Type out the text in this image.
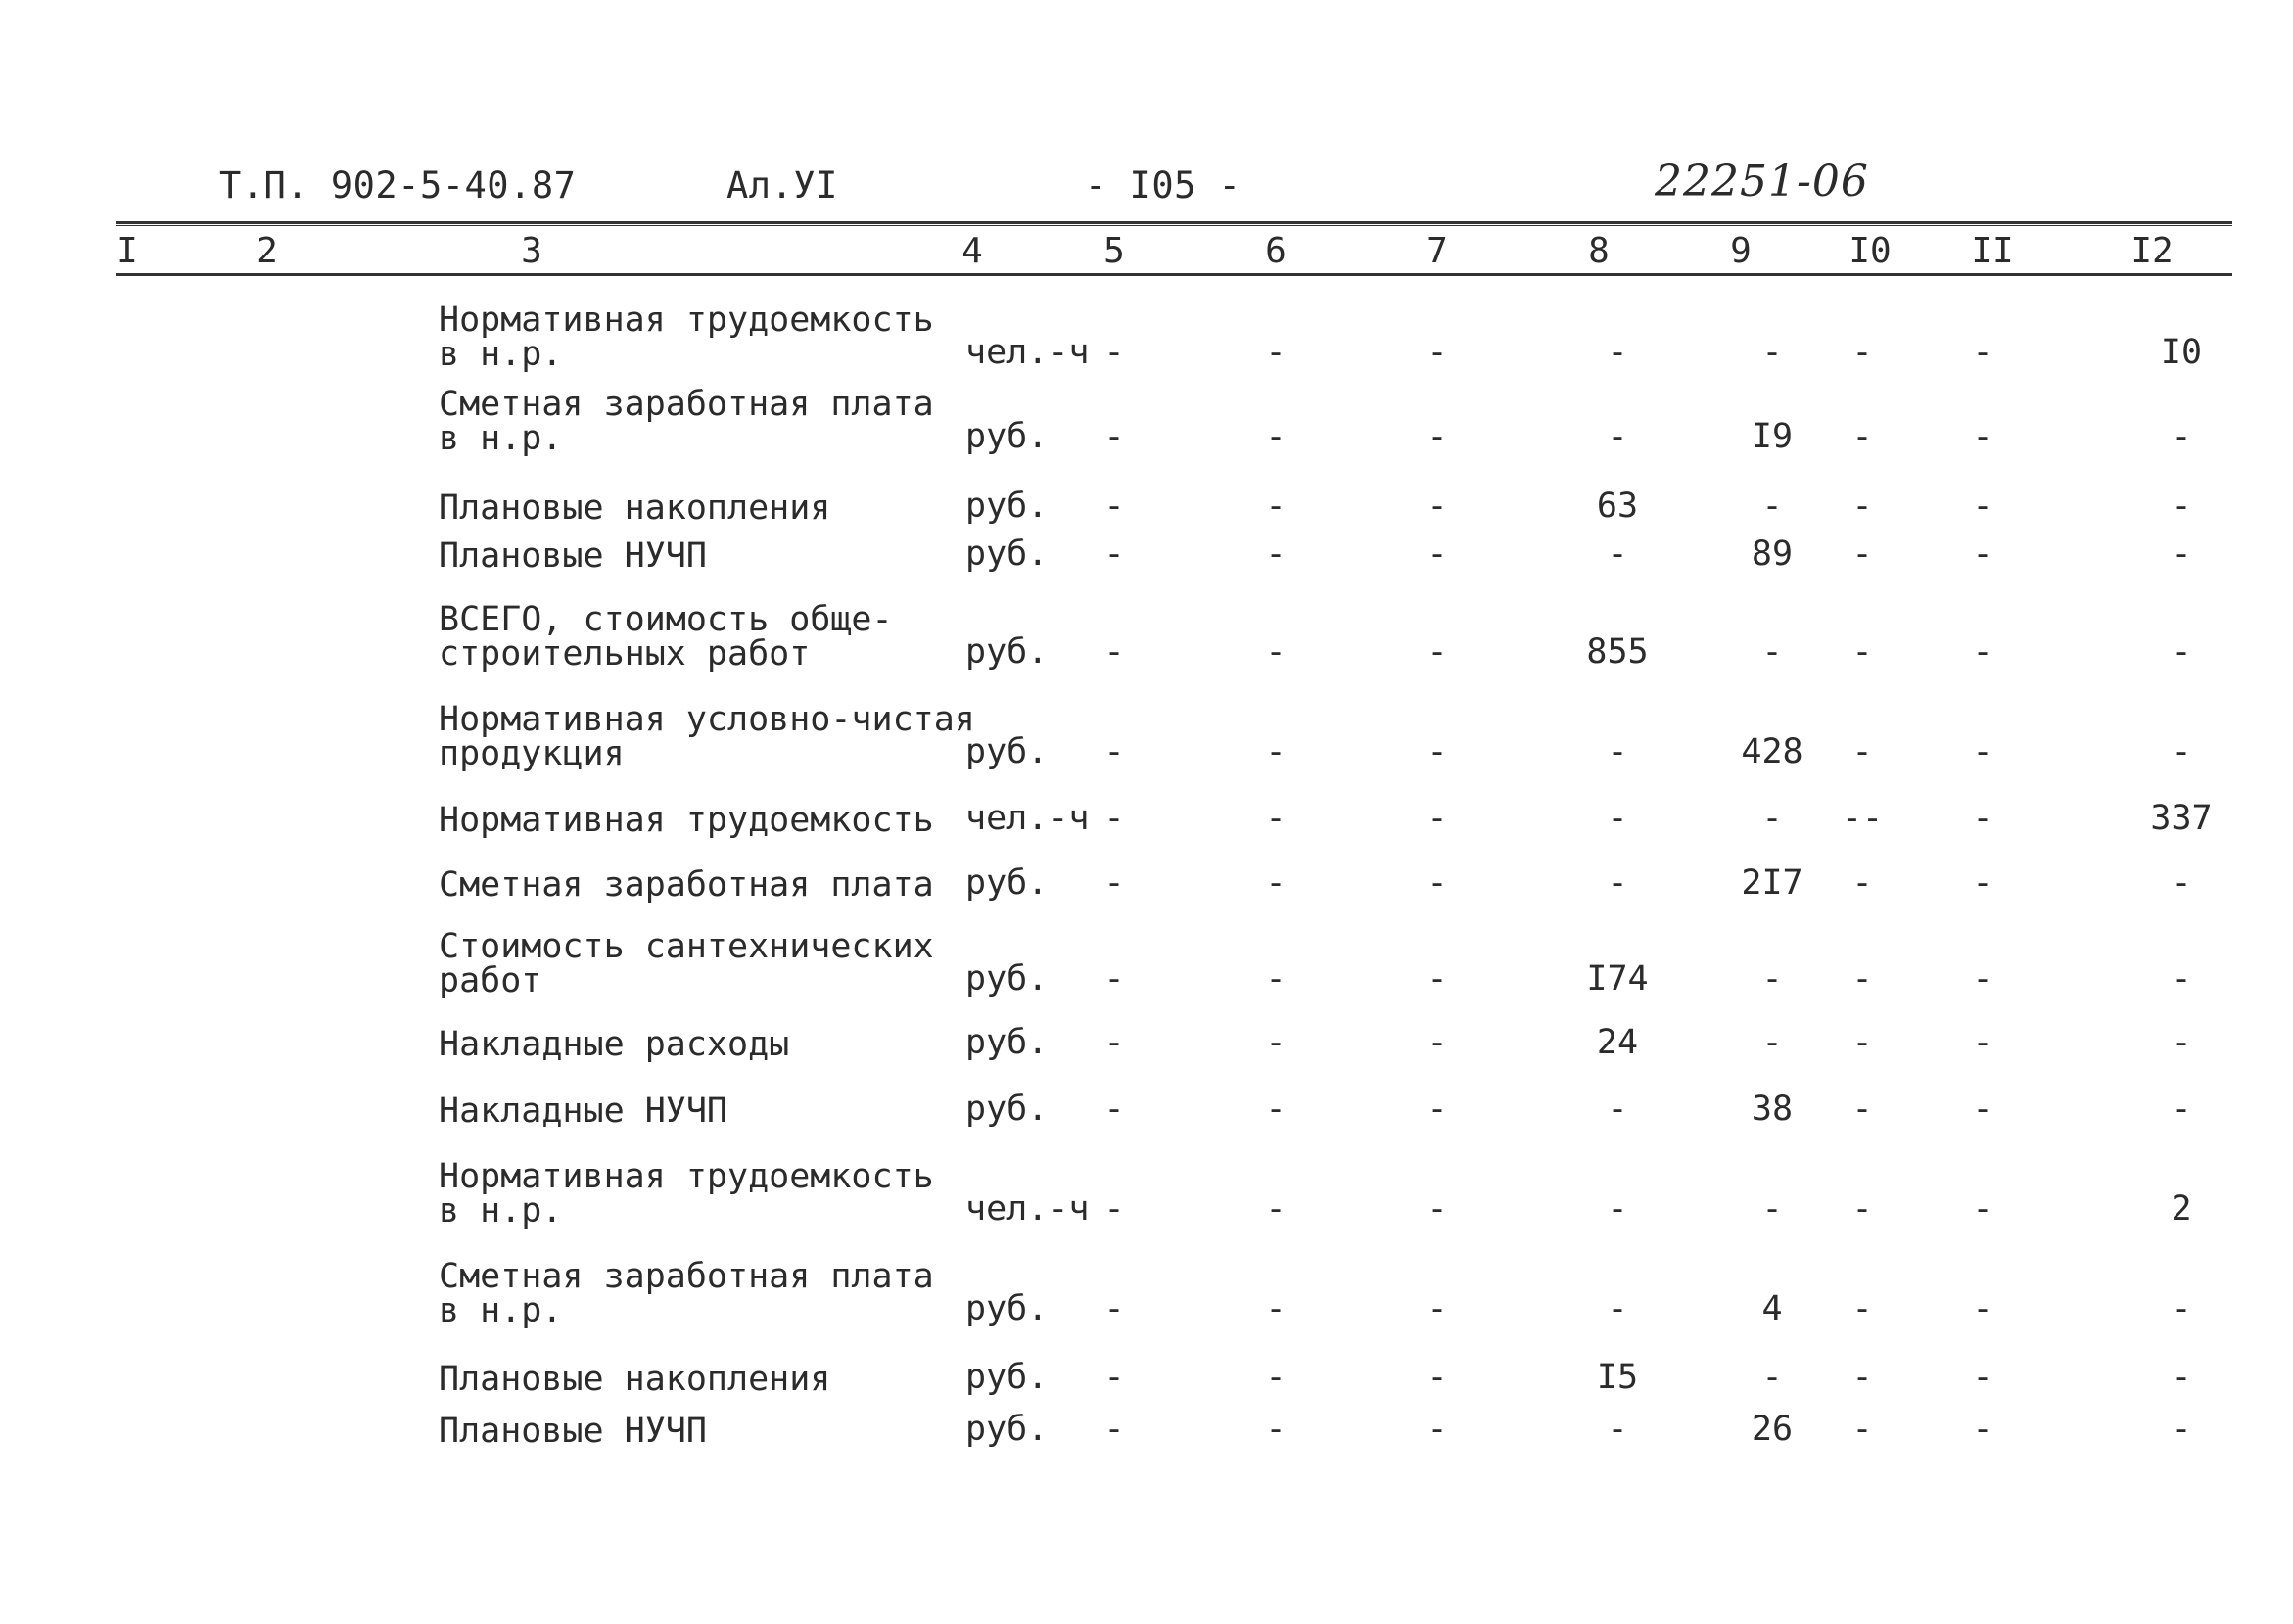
Т.П. 902-5-40.87	Ал.УI	- I05 -	22251-06
I	2	3	4	5	6	7	8	9	I0	II	I2
Нормативная трудоемкость
в н.р.	чел.-ч -	-	-	-	-	-	-	I0
Сметная заработная плата
в н.р.	руб.	-	-	-	-	I9	-	-	-
Плановые накопления	руб.	-	-	-	63	-	-	-	-
Плановые НУЧП	руб.	-	-	-	-	89	-	-	-
ВСЕГО, стоимость обще-
строительных работ	руб.	-	-	-	855	-	-	-	-
Нормативная условно-чистая
продукция	руб.	-	-	-	-	428	-	-	-
Нормативная трудоемкость чел.-ч -	-	-	-	-	--	-	337
Сметная заработная плата руб.	-	-	-	-	2I7	-	-	-
Стоимость сантехнических
работ	руб.	-	-	-	I74	-	-	-	-
Накладные расходы	руб.	-	-	-	24	-	-	-	-
Накладные НУЧП	руб.	-	-	-	-	38	-	-	-
Нормативная трудоемкость
в н.р.	чел.-ч -	-	-	-	-	-	-	2
Сметная заработная плата
в н.р.	руб.	-	-	-	-	4	-	-	-
Плановые накопления	руб.	-	-	-	I5	-	-	-	-
Плановые НУЧП	руб.	-	-	-	-	26	-	-	-
